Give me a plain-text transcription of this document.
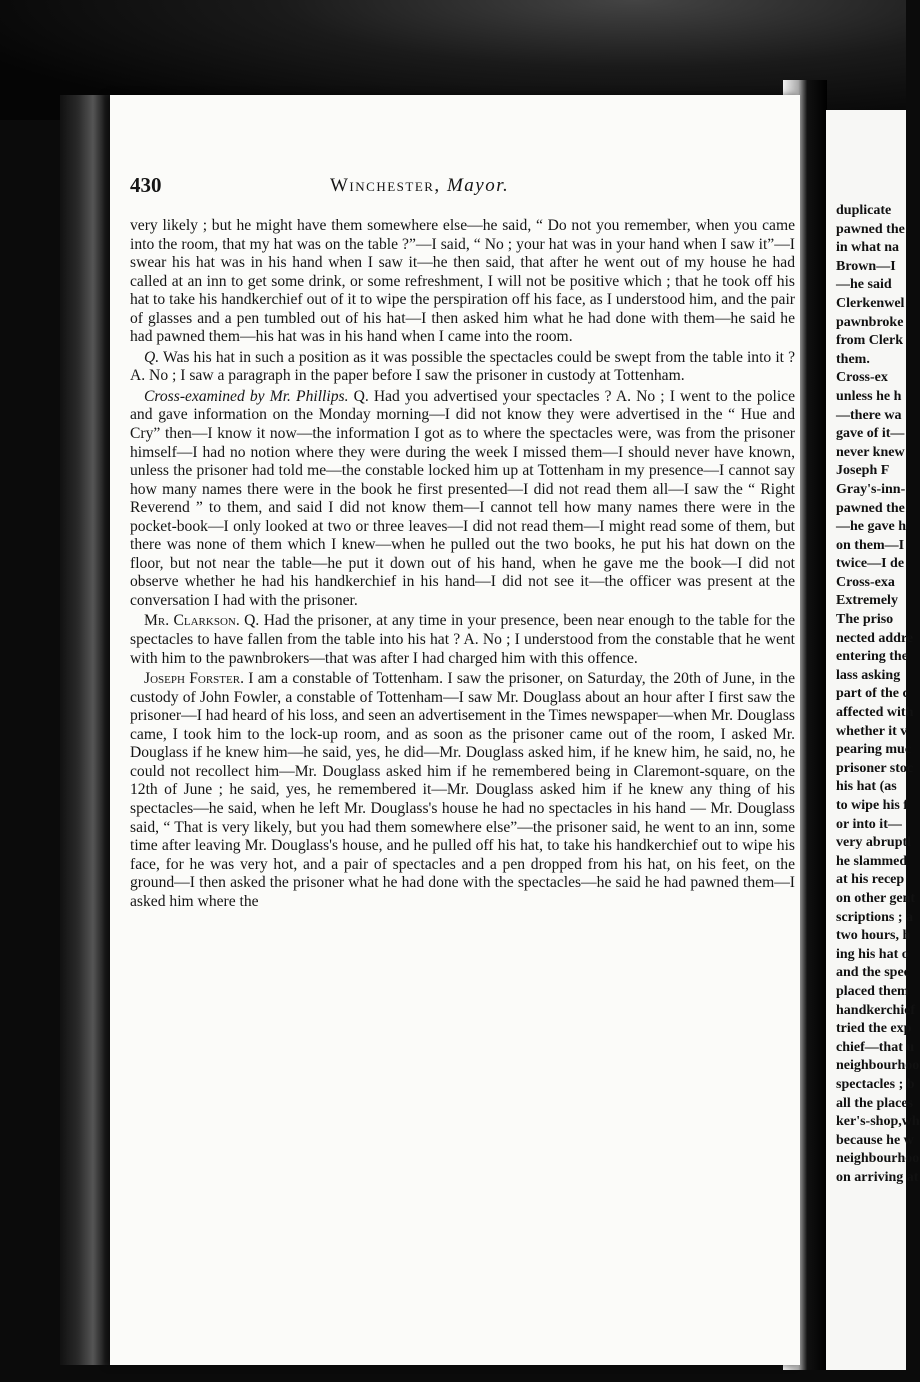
430	Winchester, Mayor.

very likely ; but he might have them somewhere else—he said, “ Do not you remember, when you came into the room, that my hat was on the table ?”—I said, “ No ; your hat was in your hand when I saw it”—I swear his hat was in his hand when I saw it—he then said, that after he went out of my house he had called at an inn to get some drink, or some refreshment, I will not be positive which ; that he took off his hat to take his handkerchief out of it to wipe the perspiration off his face, as I understood him, and the pair of glasses and a pen tumbled out of his hat—I then asked him what he had done with them—he said he had pawned them—his hat was in his hand when I came into the room.

Q. Was his hat in such a position as it was possible the spectacles could be swept from the table into it ? A. No ; I saw a paragraph in the paper before I saw the prisoner in custody at Tottenham.

Cross-examined by Mr. Phillips. Q. Had you advertised your spectacles ? A. No ; I went to the police and gave information on the Monday morning—I did not know they were advertised in the “ Hue and Cry” then—I know it now—the information I got as to where the spectacles were, was from the prisoner himself—I had no notion where they were during the week I missed them—I should never have known, unless the prisoner had told me—the constable locked him up at Tottenham in my presence—I cannot say how many names there were in the book he first presented—I did not read them all—I saw the “ Right Reverend ” to them, and said I did not know them—I cannot tell how many names there were in the pocket-book—I only looked at two or three leaves—I did not read them—I might read some of them, but there was none of them which I knew—when he pulled out the two books, he put his hat down on the floor, but not near the table—he put it down out of his hand, when he gave me the book—I did not observe whether he had his handkerchief in his hand—I did not see it—the officer was present at the conversation I had with the prisoner.

Mr. Clarkson. Q. Had the prisoner, at any time in your presence, been near enough to the table for the spectacles to have fallen from the table into his hat ? A. No ; I understood from the constable that he went with him to the pawnbrokers—that was after I had charged him with this offence.

Joseph Forster. I am a constable of Tottenham. I saw the prisoner, on Saturday, the 20th of June, in the custody of John Fowler, a constable of Tottenham—I saw Mr. Douglass about an hour after I first saw the prisoner—I had heard of his loss, and seen an advertisement in the Times newspaper—when Mr. Douglass came, I took him to the lock-up room, and as soon as the prisoner came out of the room, I asked Mr. Douglass if he knew him—he said, yes, he did—Mr. Douglass asked him, if he knew him, he said, no, he could not recollect him—Mr. Douglass asked him if he remembered being in Claremont-square, on the 12th of June ; he said, yes, he remembered it—Mr. Douglass asked him if he knew any thing of his spectacles—he said, when he left Mr. Douglass's house he had no spectacles in his hand — Mr. Douglass said, “ That is very likely, but you had them somewhere else”—the prisoner said, he went to an inn, some time after leaving Mr. Douglass's house, and he pulled off his hat, to take his handkerchief out to wipe his face, for he was very hot, and a pair of spectacles and a pen dropped from his hat, on his feet, on the ground—I then asked the prisoner what he had done with the spectacles—he said he had pawned them—I asked him where the

duplicate
pawned the
in what na
Brown—I
—he said
Clerkenwel
pawnbroke
from Clerk
them.
Cross-ex
unless he h
—there wa
gave of it—
never knew
Joseph F
Gray's-inn-
pawned the
—he gave h
on them—I
twice—I de
Cross-exa
Extremely
The priso
nected addre
entering the
lass asking
part of the c
affected with
whether it v
pearing muc
prisoner stoc
his hat (as
to wipe his f
or into it—
very abruptl
he slammed
at his recep
on other gent
scriptions ; a
two hours, h
ing his hat o
and the spec
placed them
handkerchief
tried the exp
chief—that u
neighbourhoo
spectacles ; b
all the places
ker's-shop,wh
because he w
neighbourhoo
on arriving at
